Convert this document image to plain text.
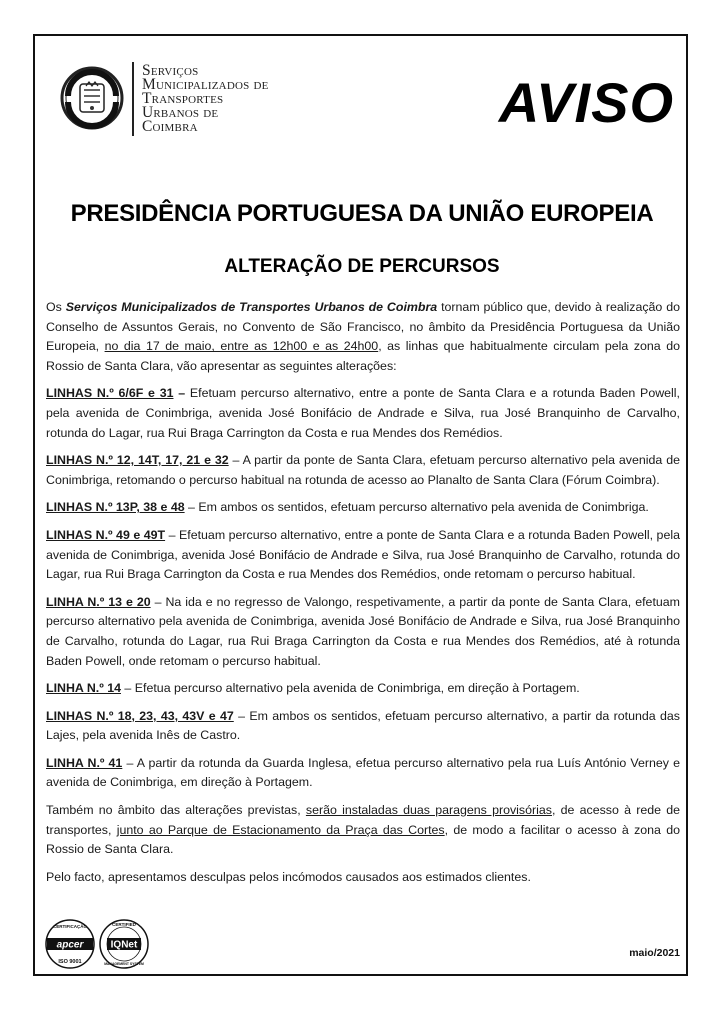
Serviços
Municipalizados de
Transportes
Urbanos de
Coimbra	AVISO
PRESIDÊNCIA PORTUGUESA DA UNIÃO EUROPEIA
ALTERAÇÃO DE PERCURSOS

Os Serviços Municipalizados de Transportes Urbanos de Coimbra tornam público que, devido à realização do Conselho de Assuntos Gerais, no Convento de São Francisco, no âmbito da Presidência Portuguesa da União Europeia, no dia 17 de maio, entre as 12h00 e as 24h00, as linhas que habitualmente circulam pela zona do Rossio de Santa Clara, vão apresentar as seguintes alterações:

LINHAS N.º 6/6F e 31 – Efetuam percurso alternativo, entre a ponte de Santa Clara e a rotunda Baden Powell, pela avenida de Conimbriga, avenida José Bonifácio de Andrade e Silva, rua José Branquinho de Carvalho, rotunda do Lagar, rua Rui Braga Carrington da Costa e rua Mendes dos Remédios.

LINHAS N.º 12, 14T, 17, 21 e 32 – A partir da ponte de Santa Clara, efetuam percurso alternativo pela avenida de Conimbriga, retomando o percurso habitual na rotunda de acesso ao Planalto de Santa Clara (Fórum Coimbra).

LINHAS N.º 13P, 38 e 48 – Em ambos os sentidos, efetuam percurso alternativo pela avenida de Conimbriga.

LINHAS N.º 49 e 49T – Efetuam percurso alternativo, entre a ponte de Santa Clara e a rotunda Baden Powell, pela avenida de Conimbriga, avenida José Bonifácio de Andrade e Silva, rua José Branquinho de Carvalho, rotunda do Lagar, rua Rui Braga Carrington da Costa e rua Mendes dos Remédios, onde retomam o percurso habitual.

LINHA N.º 13 e 20 – Na ida e no regresso de Valongo, respetivamente, a partir da ponte de Santa Clara, efetuam percurso alternativo pela avenida de Conimbriga, avenida José Bonifácio de Andrade e Silva, rua José Branquinho de Carvalho, rotunda do Lagar, rua Rui Braga Carrington da Costa e rua Mendes dos Remédios, até à rotunda Baden Powell, onde retomam o percurso habitual.

LINHA N.º 14 – Efetua percurso alternativo pela avenida de Conimbriga, em direção à Portagem.

LINHAS N.º 18, 23, 43, 43V e 47 – Em ambos os sentidos, efetuam percurso alternativo, a partir da rotunda das Lajes, pela avenida Inês de Castro.

LINHA N.º 41 – A partir da rotunda da Guarda Inglesa, efetua percurso alternativo pela rua Luís António Verney e avenida de Conimbriga, em direção à Portagem.

Também no âmbito das alterações previstas, serão instaladas duas paragens provisórias, de acesso à rede de transportes, junto ao Parque de Estacionamento da Praça das Cortes, de modo a facilitar o acesso à zona do Rossio de Santa Clara.

Pelo facto, apresentamos desculpas pelos incómodos causados aos estimados clientes.

CERTIFICAÇÃO
apcer
ISO 9001
CERTIFIED
IQNet
MANAGEMENT SYSTEM
maio/2021
